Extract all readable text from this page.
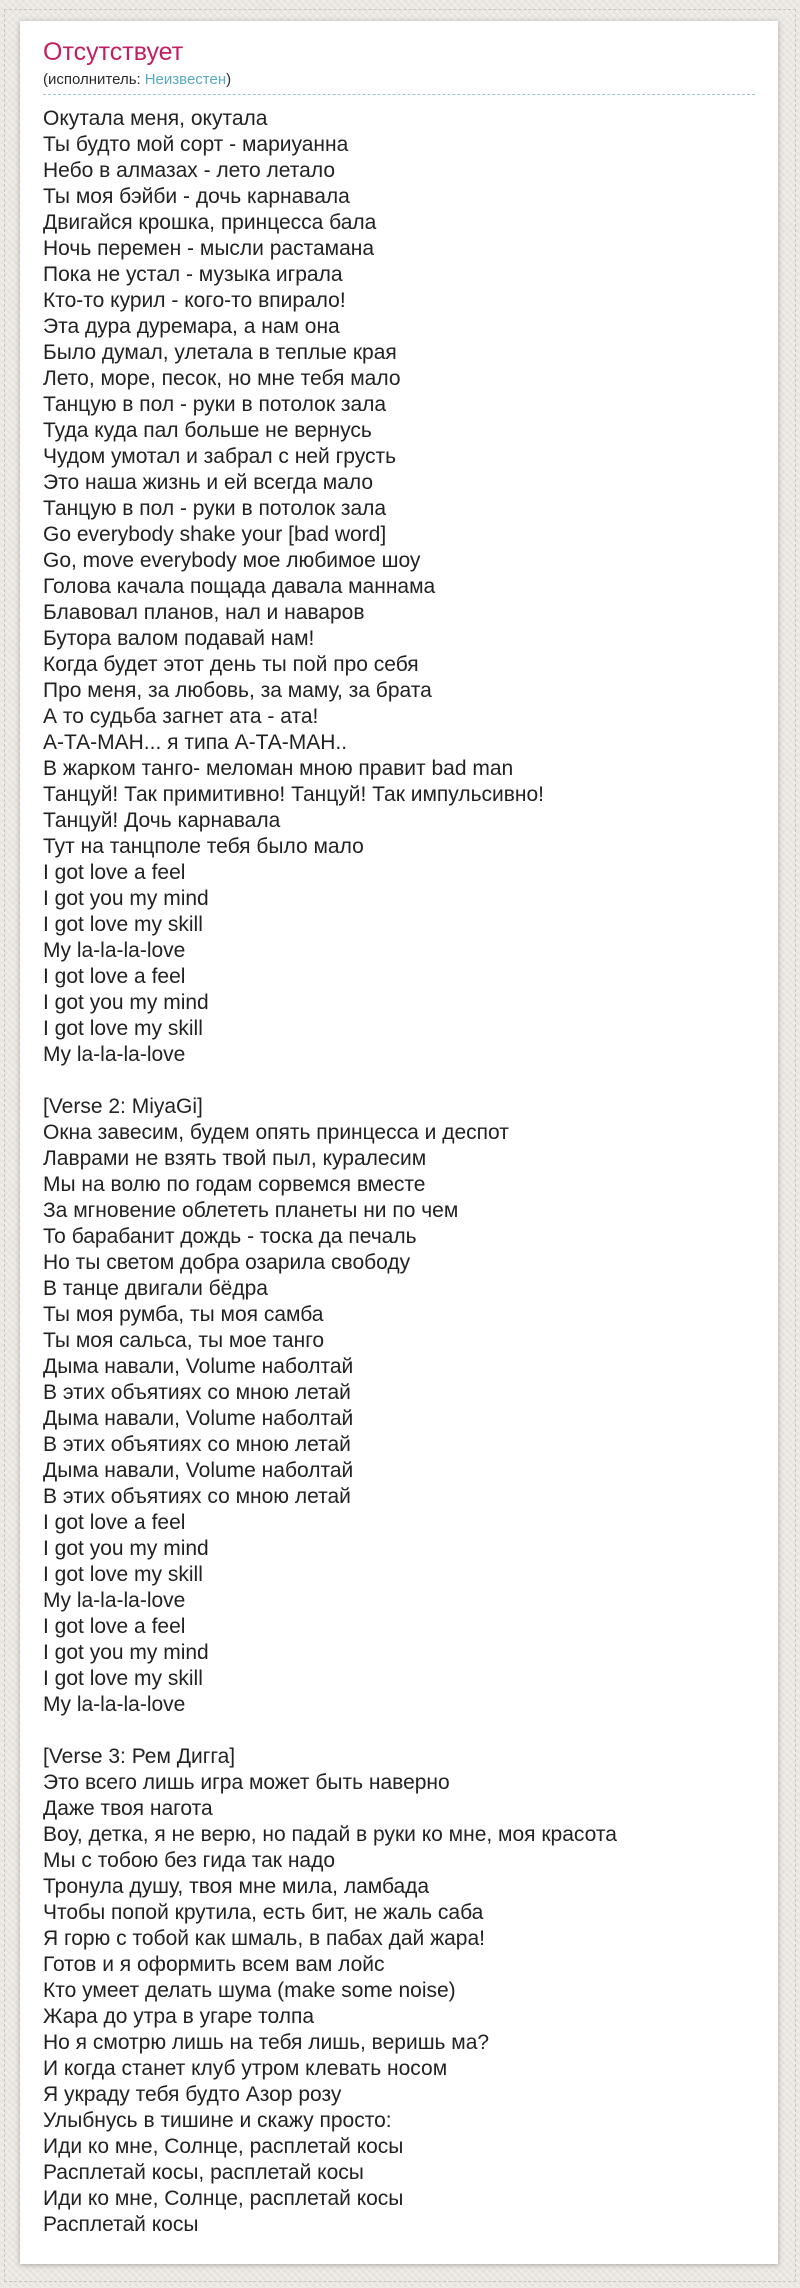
Отсутствует
(исполнитель: Неизвестен)
Окутала меня, окутала
Ты будто мой сорт - мариуанна
Небо в алмазах - лето летало
Ты моя бэйби - дочь карнавала
Двигайся крошка, принцесса бала
Ночь перемен - мысли растамана
Пока не устал - музыка играла
Кто-то курил - кого-то впирало!
Эта дура дуремара, а нам она
Было думал, улетала в теплые края
Лето, море, песок, но мне тебя мало
Танцую в пол - руки в потолок зала
Туда куда пал больше не вернусь
Чудом умотал и забрал с ней грусть
Это наша жизнь и ей всегда мало
Танцую в пол - руки в потолок зала
Go everybody shake your [bad word]
Go, move everybody мое любимое шоу
Голова качала пощада давала маннама
Блавовал планов, нал и наваров
Бутора валом подавай нам!
Когда будет этот день ты пой про себя
Про меня, за любовь, за маму, за брата
А то судьба загнет ата - ата!
А-ТА-МАН... я типа А-ТА-МАН..
В жарком танго- меломан мною правит bad man
Танцуй! Так примитивно! Танцуй! Так импульсивно!
Танцуй! Дочь карнавала
Тут на танцполе тебя было мало
I got love a feel
I got you my mind
I got love my skill
My la-la-la-love
I got love a feel
I got you my mind
I got love my skill
My la-la-la-love

[Verse 2: MiyaGi]
Окна завесим, будем опять принцесса и деспот
Лаврами не взять твой пыл, куралесим
Мы на волю по годам сорвемся вместе
За мгновение облететь планеты ни по чем
То барабанит дождь - тоска да печаль
Но ты светом добра озарила свободу
В танце двигали бёдра
Ты моя румба, ты моя самба
Ты моя сальса, ты мое танго
Дыма навали, Volume наболтай
В этих объятиях со мною летай
Дыма навали, Volume наболтай
В этих объятиях со мною летай
Дыма навали, Volume наболтай
В этих объятиях со мною летай
I got love a feel
I got you my mind
I got love my skill
My la-la-la-love
I got love a feel
I got you my mind
I got love my skill
My la-la-la-love

[Verse 3: Рем Дигга]
Это всего лишь игра может быть наверно
Даже твоя нагота
Воу, детка, я не верю, но падай в руки ко мне, моя красота
Мы с тобою без гида так надо
Тронула душу, твоя мне мила, ламбада
Чтобы попой крутила, есть бит, не жаль саба
Я горю с тобой как шмаль, в пабах дай жара!
Готов и я оформить всем вам лойс
Кто умеет делать шума (make some noise)
Жара до утра в угаре толпа
Но я смотрю лишь на тебя лишь, веришь ма?
И когда станет клуб утром клевать носом
Я украду тебя будто Азор розу
Улыбнусь в тишине и скажу просто:
Иди ко мне, Солнце, расплетай косы
Расплетай косы, расплетай косы
Иди ко мне, Солнце, расплетай косы
Расплетай косы
